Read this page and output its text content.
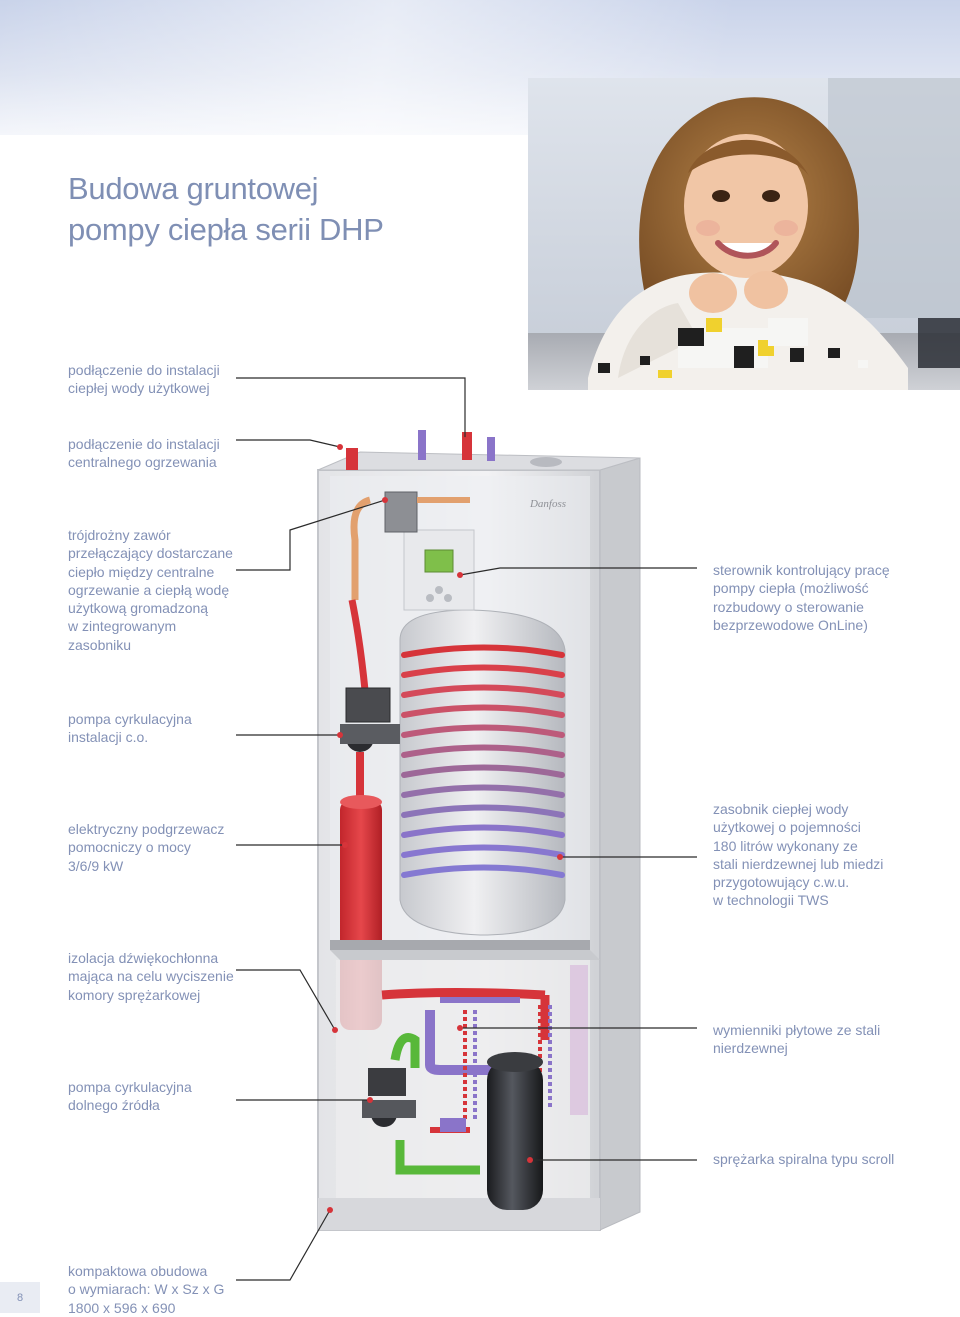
Budowa gruntowej
pompy ciepła serii DHP
Danfoss

podłączenie do instalacji
ciepłej wody użytkowej

podłączenie do instalacji
centralnego ogrzewania

trójdrożny zawór
przełączający dostarczane
ciepło między centralne
ogrzewanie a ciepłą wodę
użytkową gromadzoną
w zintegrowanym
zasobniku

sterownik kontrolujący pracę
pompy ciepła (możliwość
rozbudowy o sterowanie
bezprzewodowe OnLine)

pompa cyrkulacyjna
instalacji c.o.

elektryczny podgrzewacz
pomocniczy o mocy
3/6/9 kW

zasobnik ciepłej wody
użytkowej o pojemności
180 litrów wykonany ze
stali nierdzewnej lub miedzi
przygotowujący c.w.u.
w technologii TWS

izolacja dźwiękochłonna
mająca na celu wyciszenie
komory sprężarkowej

wymienniki płytowe ze stali
nierdzewnej

pompa cyrkulacyjna
dolnego źródła

sprężarka spiralna typu scroll

kompaktowa obudowa
o wymiarach: W x Sz x G
1800 x 596 x 690

8
